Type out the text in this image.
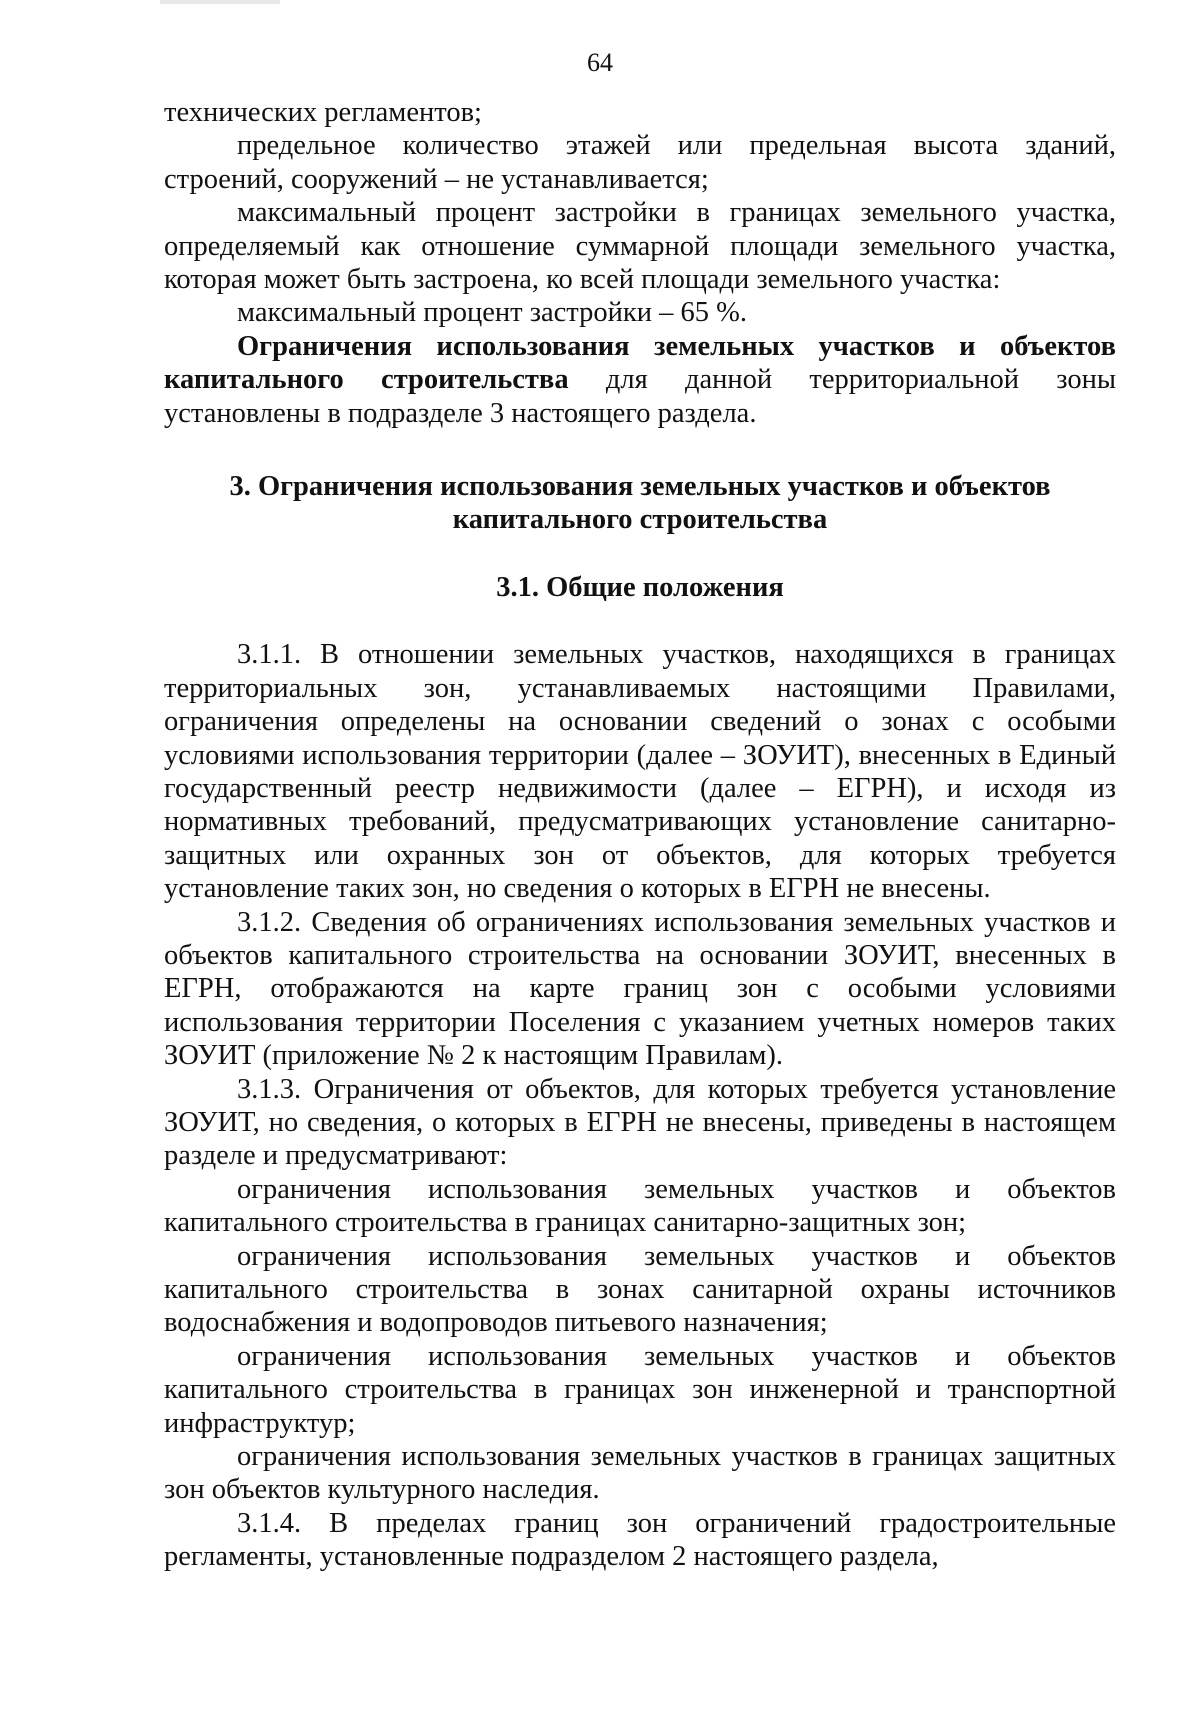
64

технических регламентов;

предельное количество этажей или предельная высота зданий, строений, сооружений – не устанавливается;

максимальный процент застройки в границах земельного участка, определяемый как отношение суммарной площади земельного участка, которая может быть застроена, ко всей площади земельного участка:

максимальный процент застройки – 65 %.

Ограничения использования земельных участков и объектов капитального строительства для данной территориальной зоны установлены в подразделе 3 настоящего раздела.

3. Ограничения использования земельных участков и объектов
капитального строительства

3.1. Общие положения

3.1.1. В отношении земельных участков, находящихся в границах территориальных зон, устанавливаемых настоящими Правилами, ограничения определены на основании сведений о зонах с особыми условиями использования территории (далее – ЗОУИТ), внесенных в Единый государственный реестр недвижимости (далее – ЕГРН), и исходя из нормативных требований, предусматривающих установление санитарно-защитных или охранных зон от объектов, для которых требуется установление таких зон, но сведения о которых в ЕГРН не внесены.

3.1.2. Сведения об ограничениях использования земельных участков и объектов капитального строительства на основании ЗОУИТ, внесенных в ЕГРН, отображаются на карте границ зон с особыми условиями использования территории Поселения с указанием учетных номеров таких ЗОУИТ (приложение № 2 к настоящим Правилам).

3.1.3. Ограничения от объектов, для которых требуется установление ЗОУИТ, но сведения, о которых в ЕГРН не внесены, приведены в настоящем разделе и предусматривают:

ограничения использования земельных участков и объектов капитального строительства в границах санитарно-защитных зон;

ограничения использования земельных участков и объектов капитального строительства в зонах санитарной охраны источников водоснабжения и водопроводов питьевого назначения;

ограничения использования земельных участков и объектов капитального строительства в границах зон инженерной и транспортной инфраструктур;

ограничения использования земельных участков в границах защитных зон объектов культурного наследия.

3.1.4. В пределах границ зон ограничений градостроительные регламенты, установленные подразделом 2 настоящего раздела,
